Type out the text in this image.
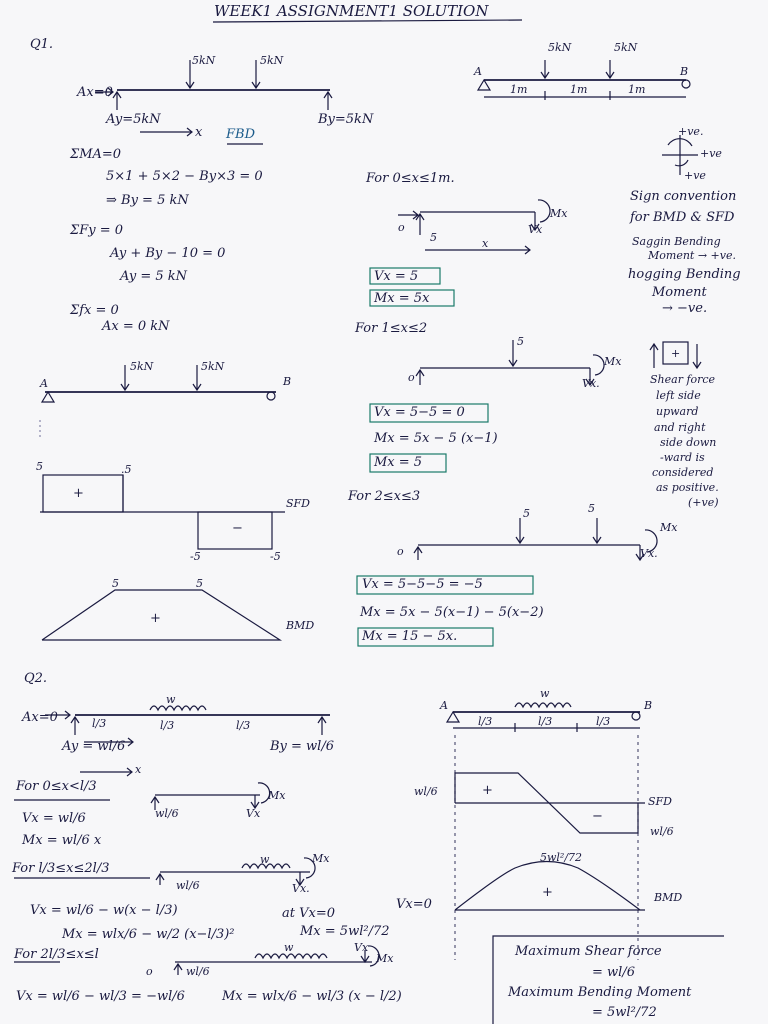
WEEK1 ASSIGNMENT1 SOLUTION
Q1.
5kN	5kN
Ax=0
Ay=5kN	By=5kN
x FBD
ΣMA=0
5×1 + 5×2 − By×3 = 0
⇒ By = 5 kN
ΣFy = 0
Ay + By − 10 = 0
Ay = 5 kN
Σfx = 0
Ax = 0 kN
A	B
5kN	5kN
1m	1m	1m
+ve.
+ve
+ve
Sign convention
for BMD & SFD
Saggin Bending
Moment → +ve.
hogging Bending
Moment
→ −ve.
For 0≤x≤1m.
o
5	x
Vx
Mx
Vx = 5
Mx = 5x
For 1≤x≤2
5
o	Vx.
Mx
Vx = 5−5 = 0
Mx = 5x − 5 (x−1)
Mx = 5
+
Shear force
left side
upward
and right
side down
-ward is
considered
as positive.
(+ve)
For 2≤x≤3
5	5
o	Vx.
Mx
Vx = 5−5−5 = −5
Mx = 5x − 5(x−1) − 5(x−2)
Mx = 15 − 5x.
A	B
5kN	5kN
5	.5
-5	-5
SFD
+
−
5	5
BMD
+
Q2.
Ax=0
w
l/3	l/3	l/3
Ay = wl/6	By = wl/6
x
For 0≤x<l/3
wl/6
Mx
Vx
Vx = wl/6
Mx = wl/6 x
For l/3≤x≤2l/3
w
wl/6	Vx.
Mx
Vx = wl/6 − w(x − l/3)
Mx = wlx/6 − w/2 (x−l/3)²
Vx=0
at Vx=0
Mx = 5wl²/72
For 2l/3≤x≤l	w
wl/6
o
Vx
Mx
Vx = wl/6 − wl/3 = −wl/6	Mx = wlx/6 − wl/3 (x − l/2)
A	B
w
l/3	l/3	l/3
wl/6
wl/6
SFD
+
−
5wl²/72
BMD
+
Maximum Shear force
= wl/6
Maximum Bending Moment
= 5wl²/72
